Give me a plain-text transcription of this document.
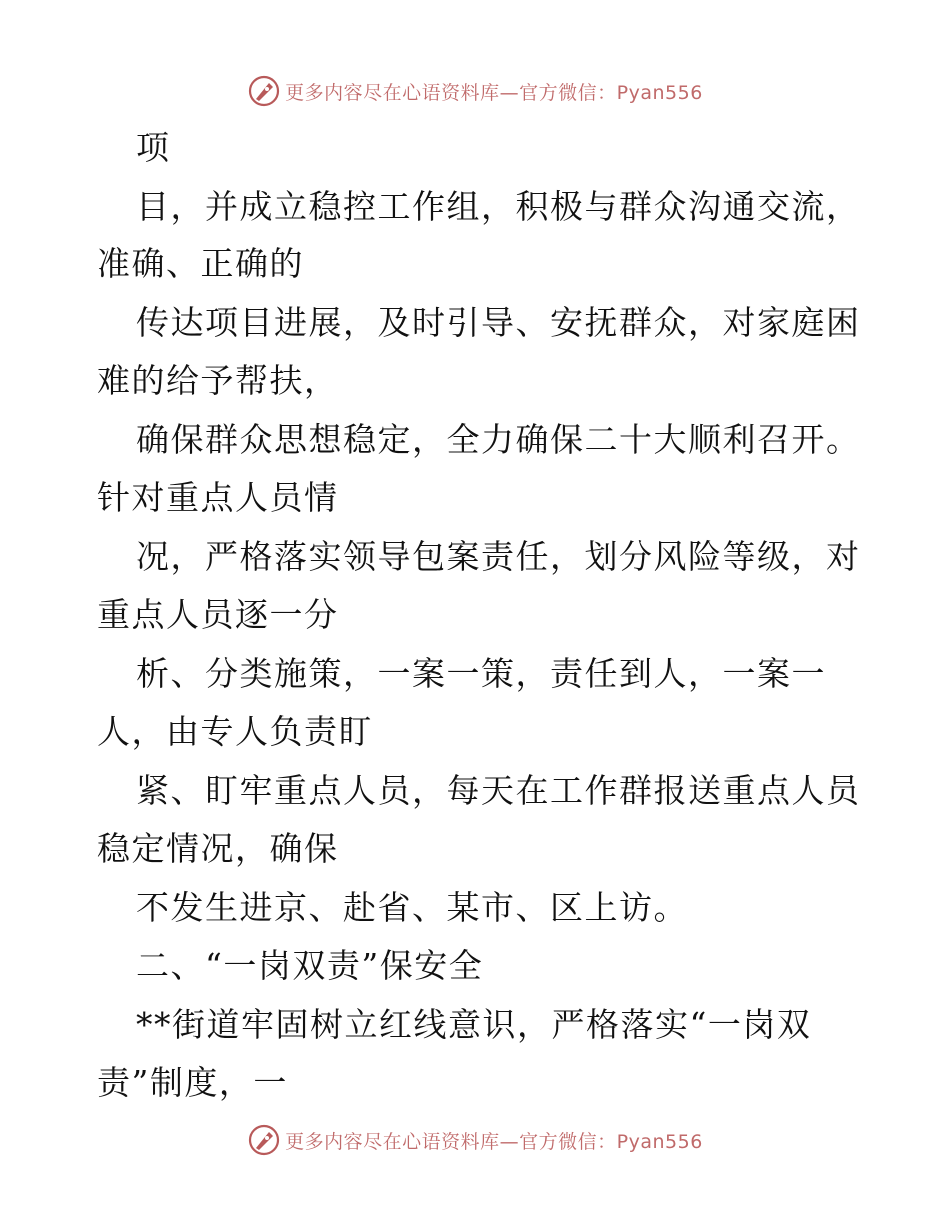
更多内容尽在心语资料库—官方微信：Pyan556
项
目，并成立稳控工作组，积极与群众沟通交流，
准确、正确的
传达项目进展，及时引导、安抚群众，对家庭困
难的给予帮扶，
确保群众思想稳定，全力确保二十大顺利召开。
针对重点人员情
况，严格落实领导包案责任，划分风险等级，对
重点人员逐一分
析、分类施策，一案一策，责任到人，一案一
人，由专人负责盯
紧、盯牢重点人员，每天在工作群报送重点人员
稳定情况，确保
不发生进京、赴省、某市、区上访。
二、“一岗双责”保安全
**街道牢固树立红线意识，严格落实“一岗双
责”制度，一
更多内容尽在心语资料库—官方微信：Pyan556
